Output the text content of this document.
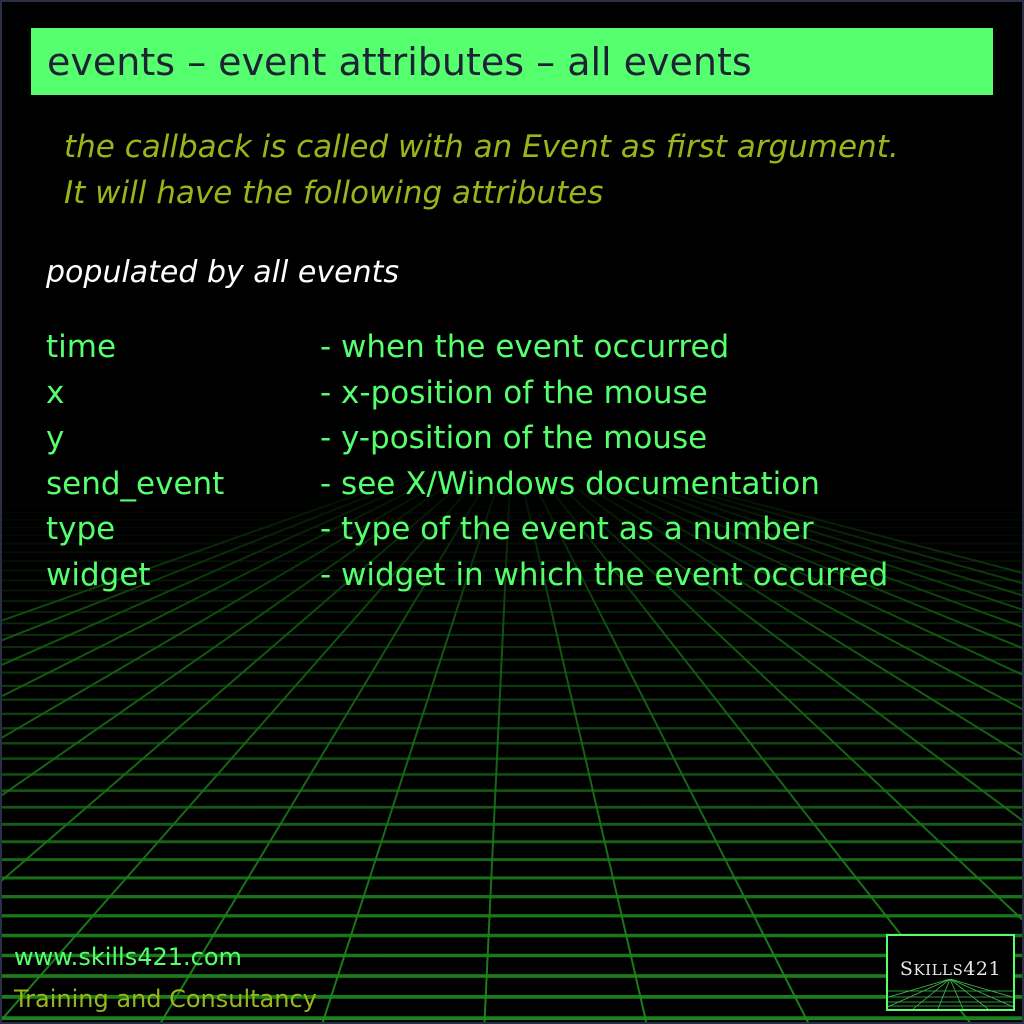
events – event attributes – all events
the callback is called with an Event as first argument.
It will have the following attributes
populated by all events
time	- when the event occurred
x	- x-position of the mouse
y	- y-position of the mouse
send_event	- see X/Windows documentation
type	- type of the event as a number
widget	- widget in which the event occurred
www.skills421.com
Training and Consultancy
SKILLS421
